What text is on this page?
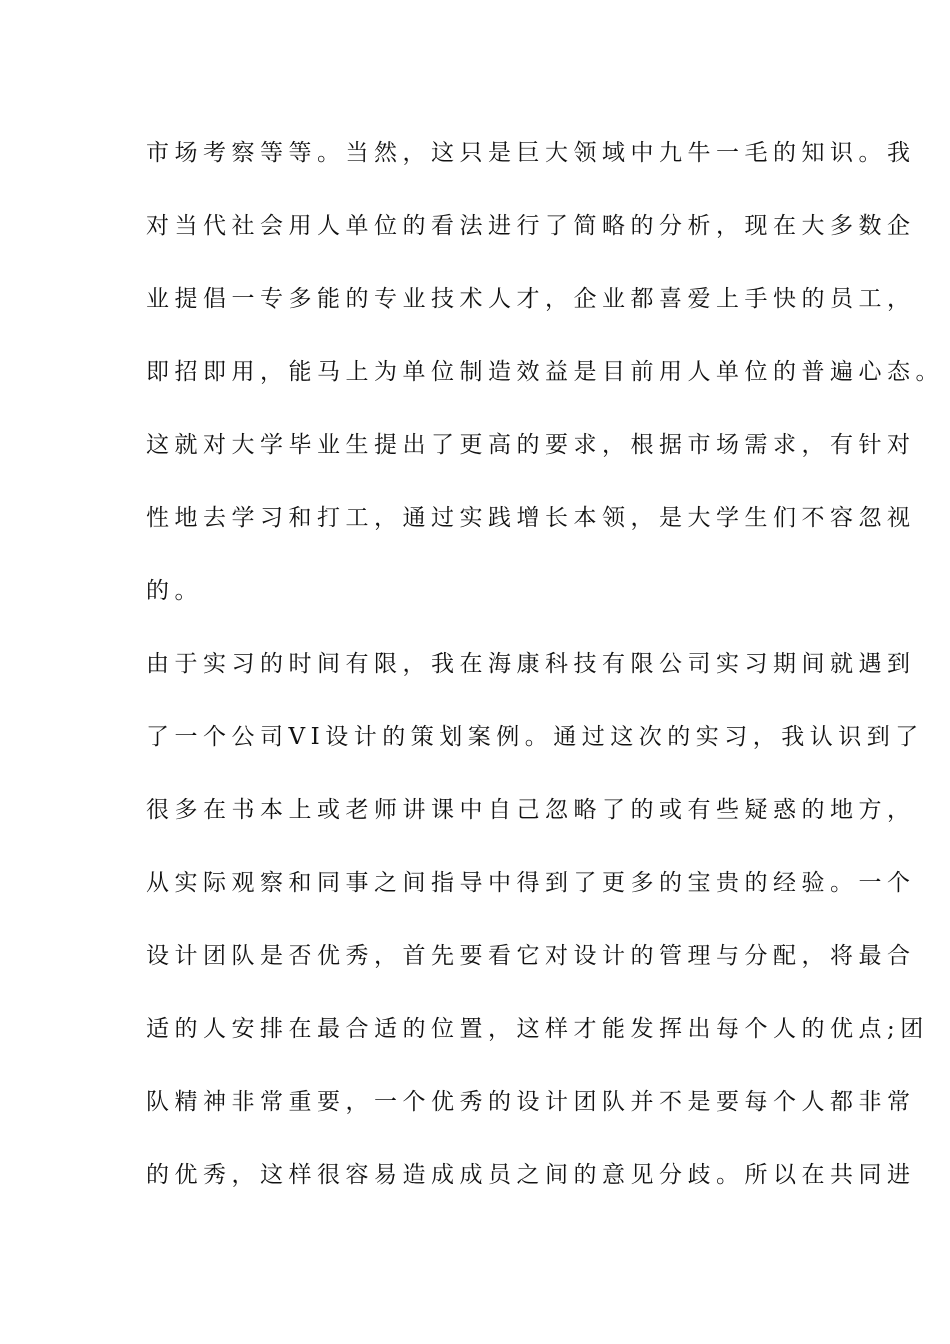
市场考察等等。当然，这只是巨大领域中九牛一毛的知识。我
对当代社会用人单位的看法进行了简略的分析，现在大多数企
业提倡一专多能的专业技术人才，企业都喜爱上手快的员工，
即招即用，能马上为单位制造效益是目前用人单位的普遍心态。
这就对大学毕业生提出了更高的要求，根据市场需求，有针对
性地去学习和打工，通过实践增长本领，是大学生们不容忽视
的。
由于实习的时间有限，我在海康科技有限公司实习期间就遇到
了一个公司VI设计的策划案例。通过这次的实习，我认识到了
很多在书本上或老师讲课中自己忽略了的或有些疑惑的地方，
从实际观察和同事之间指导中得到了更多的宝贵的经验。一个
设计团队是否优秀，首先要看它对设计的管理与分配，将最合
适的人安排在最合适的位置，这样才能发挥出每个人的优点;团
队精神非常重要，一个优秀的设计团队并不是要每个人都非常
的优秀，这样很容易造成成员之间的意见分歧。所以在共同进
